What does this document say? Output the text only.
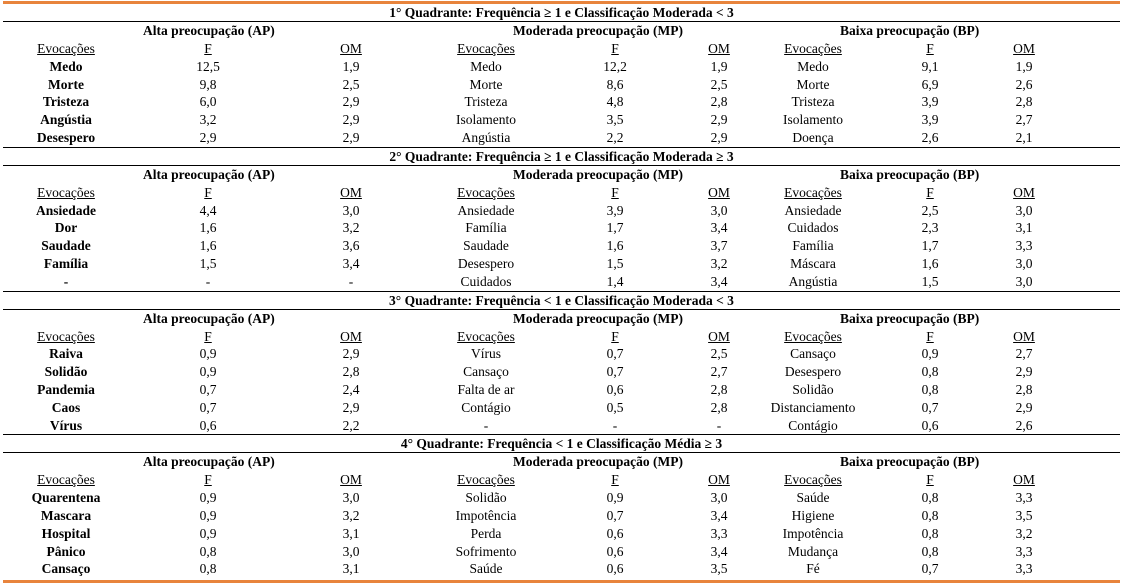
1° Quadrante: Frequência ≥ 1 e Classificação Moderada < 3
Alta preocupação (AP)	Moderada preocupação (MP)	Baixa preocupação (BP)
Evocações	F	OM	Evocações	F	OM	Evocações	F	OM
Medo	12,5	1,9	Medo	12,2	1,9	Medo	9,1	1,9
Morte	9,8	2,5	Morte	8,6	2,5	Morte	6,9	2,6
Tristeza	6,0	2,9	Tristeza	4,8	2,8	Tristeza	3,9	2,8
Angústia	3,2	2,9	Isolamento	3,5	2,9	Isolamento	3,9	2,7
Desespero	2,9	2,9	Angústia	2,2	2,9	Doença	2,6	2,1
2° Quadrante: Frequência ≥ 1 e Classificação Moderada ≥ 3
Alta preocupação (AP)	Moderada preocupação (MP)	Baixa preocupação (BP)
Evocações	F	OM	Evocações	F	OM	Evocações	F	OM
Ansiedade	4,4	3,0	Ansiedade	3,9	3,0	Ansiedade	2,5	3,0
Dor	1,6	3,2	Família	1,7	3,4	Cuidados	2,3	3,1
Saudade	1,6	3,6	Saudade	1,6	3,7	Família	1,7	3,3
Família	1,5	3,4	Desespero	1,5	3,2	Máscara	1,6	3,0
-	-	-	Cuidados	1,4	3,4	Angústia	1,5	3,0
3° Quadrante: Frequência < 1 e Classificação Moderada < 3
Alta preocupação (AP)	Moderada preocupação (MP)	Baixa preocupação (BP)
Evocações	F	OM	Evocações	F	OM	Evocações	F	OM
Raiva	0,9	2,9	Vírus	0,7	2,5	Cansaço	0,9	2,7
Solidão	0,9	2,8	Cansaço	0,7	2,7	Desespero	0,8	2,9
Pandemia	0,7	2,4	Falta de ar	0,6	2,8	Solidão	0,8	2,8
Caos	0,7	2,9	Contágio	0,5	2,8	Distanciamento	0,7	2,9
Vírus	0,6	2,2	-	-	-	Contágio	0,6	2,6
4° Quadrante: Frequência < 1 e Classificação Média ≥ 3
Alta preocupação (AP)	Moderada preocupação (MP)	Baixa preocupação (BP)
Evocações	F	OM	Evocações	F	OM	Evocações	F	OM
Quarentena	0,9	3,0	Solidão	0,9	3,0	Saúde	0,8	3,3
Mascara	0,9	3,2	Impotência	0,7	3,4	Higiene	0,8	3,5
Hospital	0,9	3,1	Perda	0,6	3,3	Impotência	0,8	3,2
Pânico	0,8	3,0	Sofrimento	0,6	3,4	Mudança	0,8	3,3
Cansaço	0,8	3,1	Saúde	0,6	3,5	Fé	0,7	3,3
